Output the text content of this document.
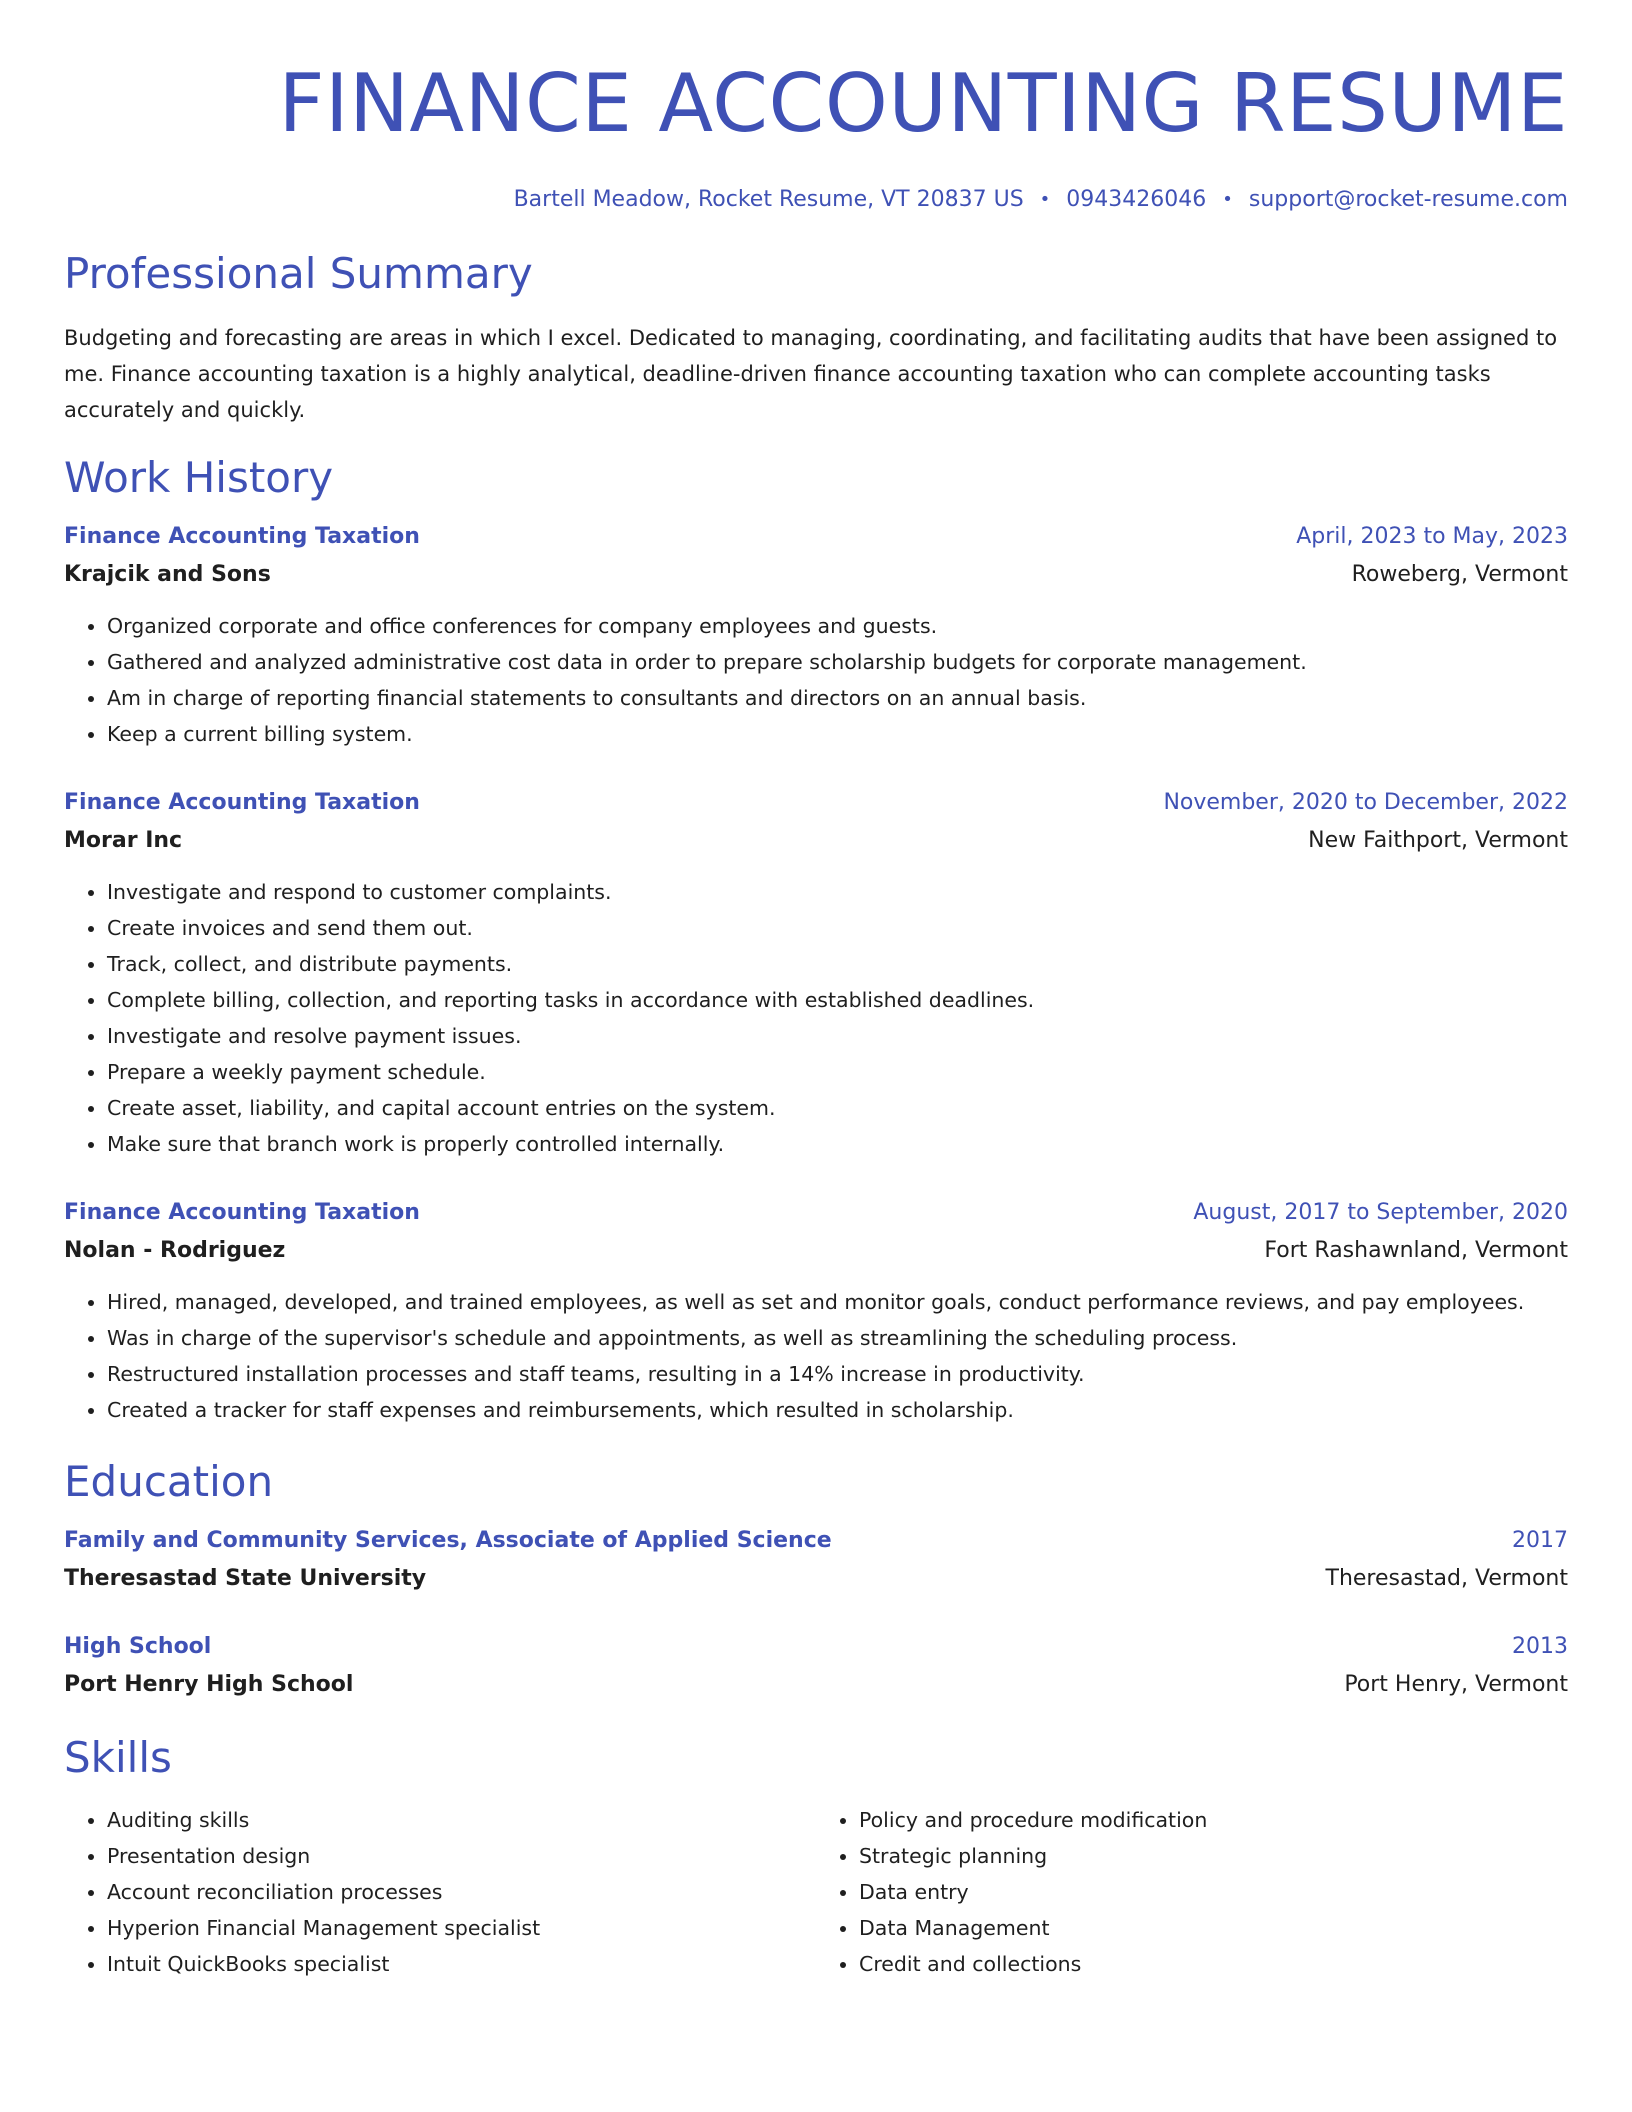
FINANCE ACCOUNTING RESUME
Bartell Meadow, Rocket Resume, VT 20837 US • 0943426046 • support@rocket-resume.com
Professional Summary

Budgeting and forecasting are areas in which I excel. Dedicated to managing, coordinating, and facilitating audits that have been assigned to me. Finance accounting taxation is a highly analytical, deadline-driven finance accounting taxation who can complete accounting tasks accurately and quickly.

Work History
Finance Accounting Taxation	April, 2023 to May, 2023
Krajcik and Sons	Roweberg, Vermont
• Organized corporate and office conferences for company employees and guests.
• Gathered and analyzed administrative cost data in order to prepare scholarship budgets for corporate management.
• Am in charge of reporting financial statements to consultants and directors on an annual basis.
• Keep a current billing system.
Finance Accounting Taxation	November, 2020 to December, 2022
Morar Inc	New Faithport, Vermont
• Investigate and respond to customer complaints.
• Create invoices and send them out.
• Track, collect, and distribute payments.
• Complete billing, collection, and reporting tasks in accordance with established deadlines.
• Investigate and resolve payment issues.
• Prepare a weekly payment schedule.
• Create asset, liability, and capital account entries on the system.
• Make sure that branch work is properly controlled internally.
Finance Accounting Taxation	August, 2017 to September, 2020
Nolan - Rodriguez	Fort Rashawnland, Vermont
• Hired, managed, developed, and trained employees, as well as set and monitor goals, conduct performance reviews, and pay employees.
• Was in charge of the supervisor's schedule and appointments, as well as streamlining the scheduling process.
• Restructured installation processes and staff teams, resulting in a 14% increase in productivity.
• Created a tracker for staff expenses and reimbursements, which resulted in scholarship.
Education
Family and Community Services, Associate of Applied Science	2017
Theresastad State University	Theresastad, Vermont
High School	2013
Port Henry High School	Port Henry, Vermont
Skills
• Auditing skills
• Presentation design
• Account reconciliation processes
• Hyperion Financial Management specialist
• Intuit QuickBooks specialist
• Policy and procedure modification
• Strategic planning
• Data entry
• Data Management
• Credit and collections
